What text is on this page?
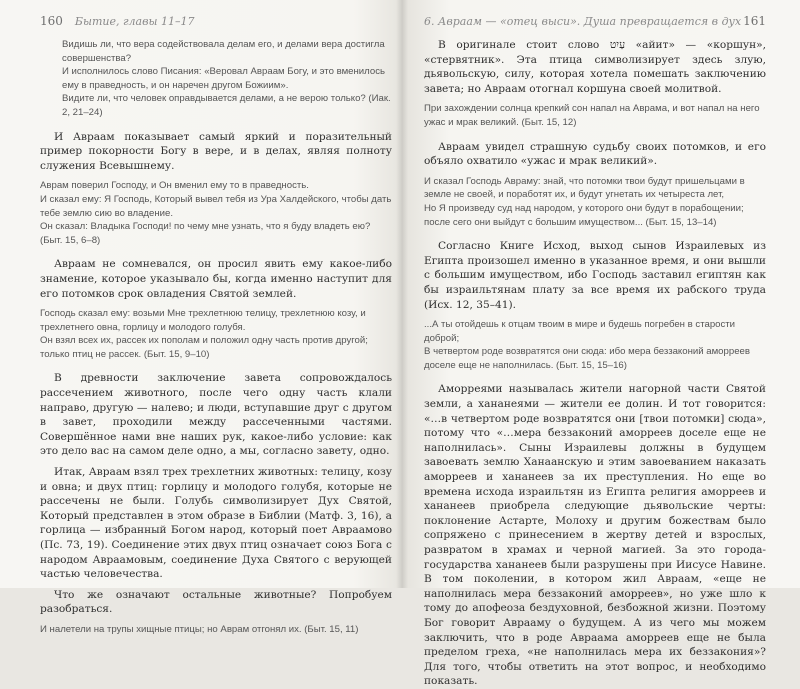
160 Бытие, главы 11–17

Видишь ли, что вера содействовала делам его, и делами вера достигла совершенства?

И исполнилось слово Писания: «Веровал Авраам Богу, и это вменилось ему в праведность, и он наречен другом Божиим».

Видите ли, что человек оправдывается делами, а не верою только? (Иак. 2, 21–24)

И Авраам показывает самый яркий и поразительный пример покорности Богу в вере, и в делах, являя полноту служения Всевышнему.

Аврам поверил Господу, и Он вменил ему то в праведность.

И сказал ему: Я Господь, Который вывел тебя из Ура Халдейского, чтобы дать тебе землю сию во владение.

Он сказал: Владыка Господи! по чему мне узнать, что я буду владеть ею? (Быт. 15, 6–8)

Авраам не сомневался, он просил явить ему какое-либо знамение, которое указывало бы, когда именно наступит для его потомков срок овладения Святой землей.

Господь сказал ему: возьми Мне трехлетнюю телицу, трехлетнюю козу, и трехлетнего овна, горлицу и молодого голубя.

Он взял всех их, рассек их пополам и положил одну часть против другой; только птиц не рассек. (Быт. 15, 9–10)

В древности заключение завета сопровождалось рассечением животного, после чего одну часть клали направо, другую — налево; и люди, вступавшие друг с другом в завет, проходили между рассеченными частями. Совершённое нами вне наших рук, какое-либо условие: как это дело вас на самом деле одно, а мы, согласно завету, одно.

Итак, Авраам взял трех трехлетних животных: телицу, козу и овна; и двух птиц: горлицу и молодого голубя, которые не рассечены не были. Голубь символизирует Дух Святой, Который представлен в этом образе в Библии (Матф. 3, 16), а горлица — избранный Богом народ, который поет Авраамово (Пс. 73, 19). Соединение этих двух птиц означает союз Бога с народом Авраамовым, соединение Духа Святого с верующей частью человечества.

Что же означают остальные животные? Попробуем разобраться.

И налетели на трупы хищные птицы; но Аврам отгонял их. (Быт. 15, 11)

6. Авраам — «отец выси». Душа превращается в дух 161

В оригинале стоит слово עַיִט «айит» — «коршун», «стервятник». Эта птица символизирует здесь злую, дьявольскую, силу, которая хотела помешать заключению завета; но Авраам отогнал коршуна своей молитвой.

При захождении солнца крепкий сон напал на Аврама, и вот напал на него ужас и мрак великий. (Быт. 15, 12)

Авраам увидел страшную судьбу своих потомков, и его объяло охватило «ужас и мрак великий».

И сказал Господь Авраму: знай, что потомки твои будут пришельцами в земле не своей, и поработят их, и будут угнетать их четыреста лет,

Но Я произведу суд над народом, у которого они будут в порабощении; после сего они выйдут с большим имуществом... (Быт. 15, 13–14)

Согласно Книге Исход, выход сынов Израилевых из Египта произошел именно в указанное время, и они вышли с большим имуществом, ибо Господь заставил египтян как бы израильтянам плату за все время их рабского труда (Исх. 12, 35–41).

...А ты отойдешь к отцам твоим в мире и будешь погребен в старости доброй;

В четвертом роде возвратятся они сюда: ибо мера беззаконий аморреев доселе еще не наполнилась. (Быт. 15, 15–16)

Аморреями называлась жители нагорной части Святой земли, а хананеями — жители ее долин. И тот говорится: «…в четвертом роде возвратятся они [твои потомки] сюда», потому что «…мера беззаконий аморреев доселе еще не наполнилась». Сыны Израилевы должны в будущем завоевать землю Ханаанскую и этим завоеванием наказать аморреев и хананеев за их преступления. Но еще во времена исхода израильтян из Египта религия аморреев и хананеев приобрела следующие дьявольские черты: поклонение Астарте, Молоху и другим божествам было сопряжено с принесением в жертву детей и взрослых, развратом в храмах и черной магией. За это города-государства хананеев были разрушены при Иисусе Навине. В том поколении, в котором жил Авраам, «еще не наполнилась мера беззаконий аморреев», но уже шло к тому до апофеоза бездуховной, безбожной жизни. Поэтому Бог говорит Аврааму о будущем. А из чего мы можем заключить, что в роде Авраама аморреев еще не была пределом греха, «не наполнилась мера их беззакония»? Для того, чтобы ответить на этот вопрос, и необходимо показать.
